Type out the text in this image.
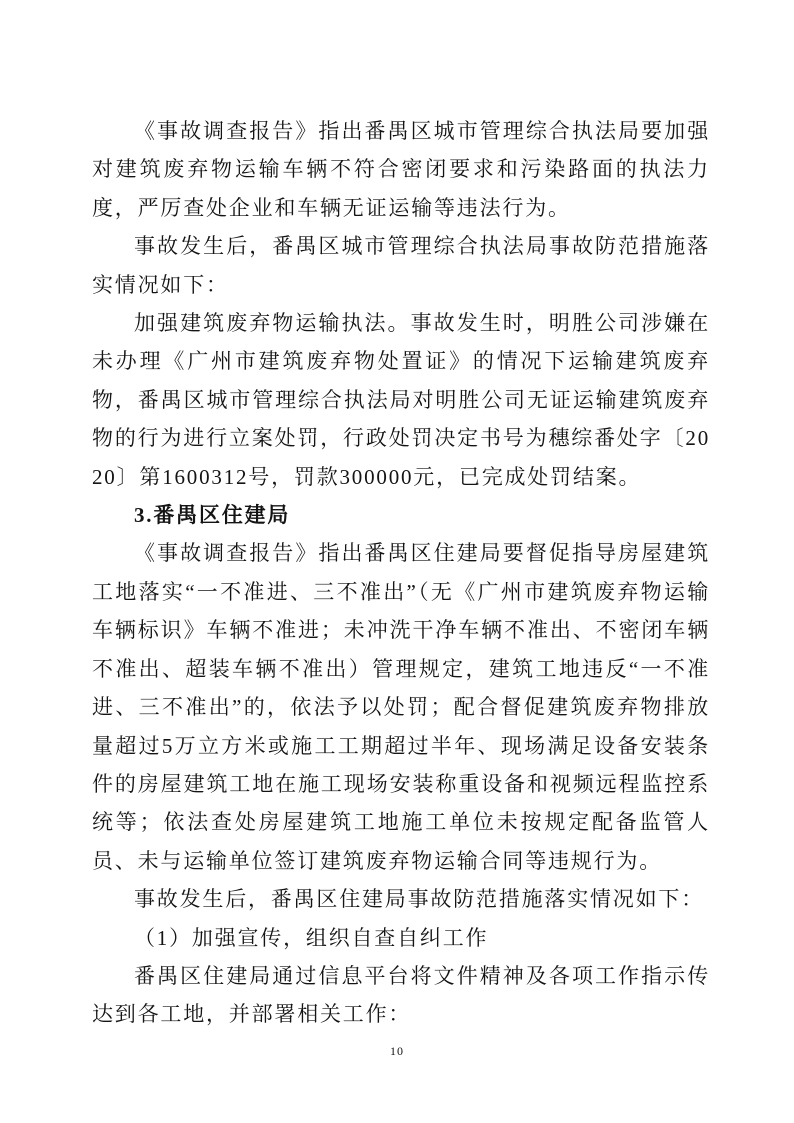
《事故调查报告》指出番禺区城市管理综合执法局要加强对建筑废弃物运输车辆不符合密闭要求和污染路面的执法力度，严厉查处企业和车辆无证运输等违法行为。

事故发生后，番禺区城市管理综合执法局事故防范措施落实情况如下：

加强建筑废弃物运输执法。事故发生时，明胜公司涉嫌在未办理《广州市建筑废弃物处置证》的情况下运输建筑废弃物，番禺区城市管理综合执法局对明胜公司无证运输建筑废弃物的行为进行立案处罚，行政处罚决定书号为穗综番处字〔2020〕第1600312号，罚款300000元，已完成处罚结案。

3.番禺区住建局

《事故调查报告》指出番禺区住建局要督促指导房屋建筑工地落实“一不准进、三不准出”（无《广州市建筑废弃物运输车辆标识》车辆不准进；未冲洗干净车辆不准出、不密闭车辆不准出、超装车辆不准出）管理规定，建筑工地违反“一不准进、三不准出”的，依法予以处罚；配合督促建筑废弃物排放量超过5万立方米或施工工期超过半年、现场满足设备安装条件的房屋建筑工地在施工现场安装称重设备和视频远程监控系统等；依法查处房屋建筑工地施工单位未按规定配备监管人员、未与运输单位签订建筑废弃物运输合同等违规行为。

事故发生后，番禺区住建局事故防范措施落实情况如下：

（1）加强宣传，组织自查自纠工作

番禺区住建局通过信息平台将文件精神及各项工作指示传达到各工地，并部署相关工作：

10
